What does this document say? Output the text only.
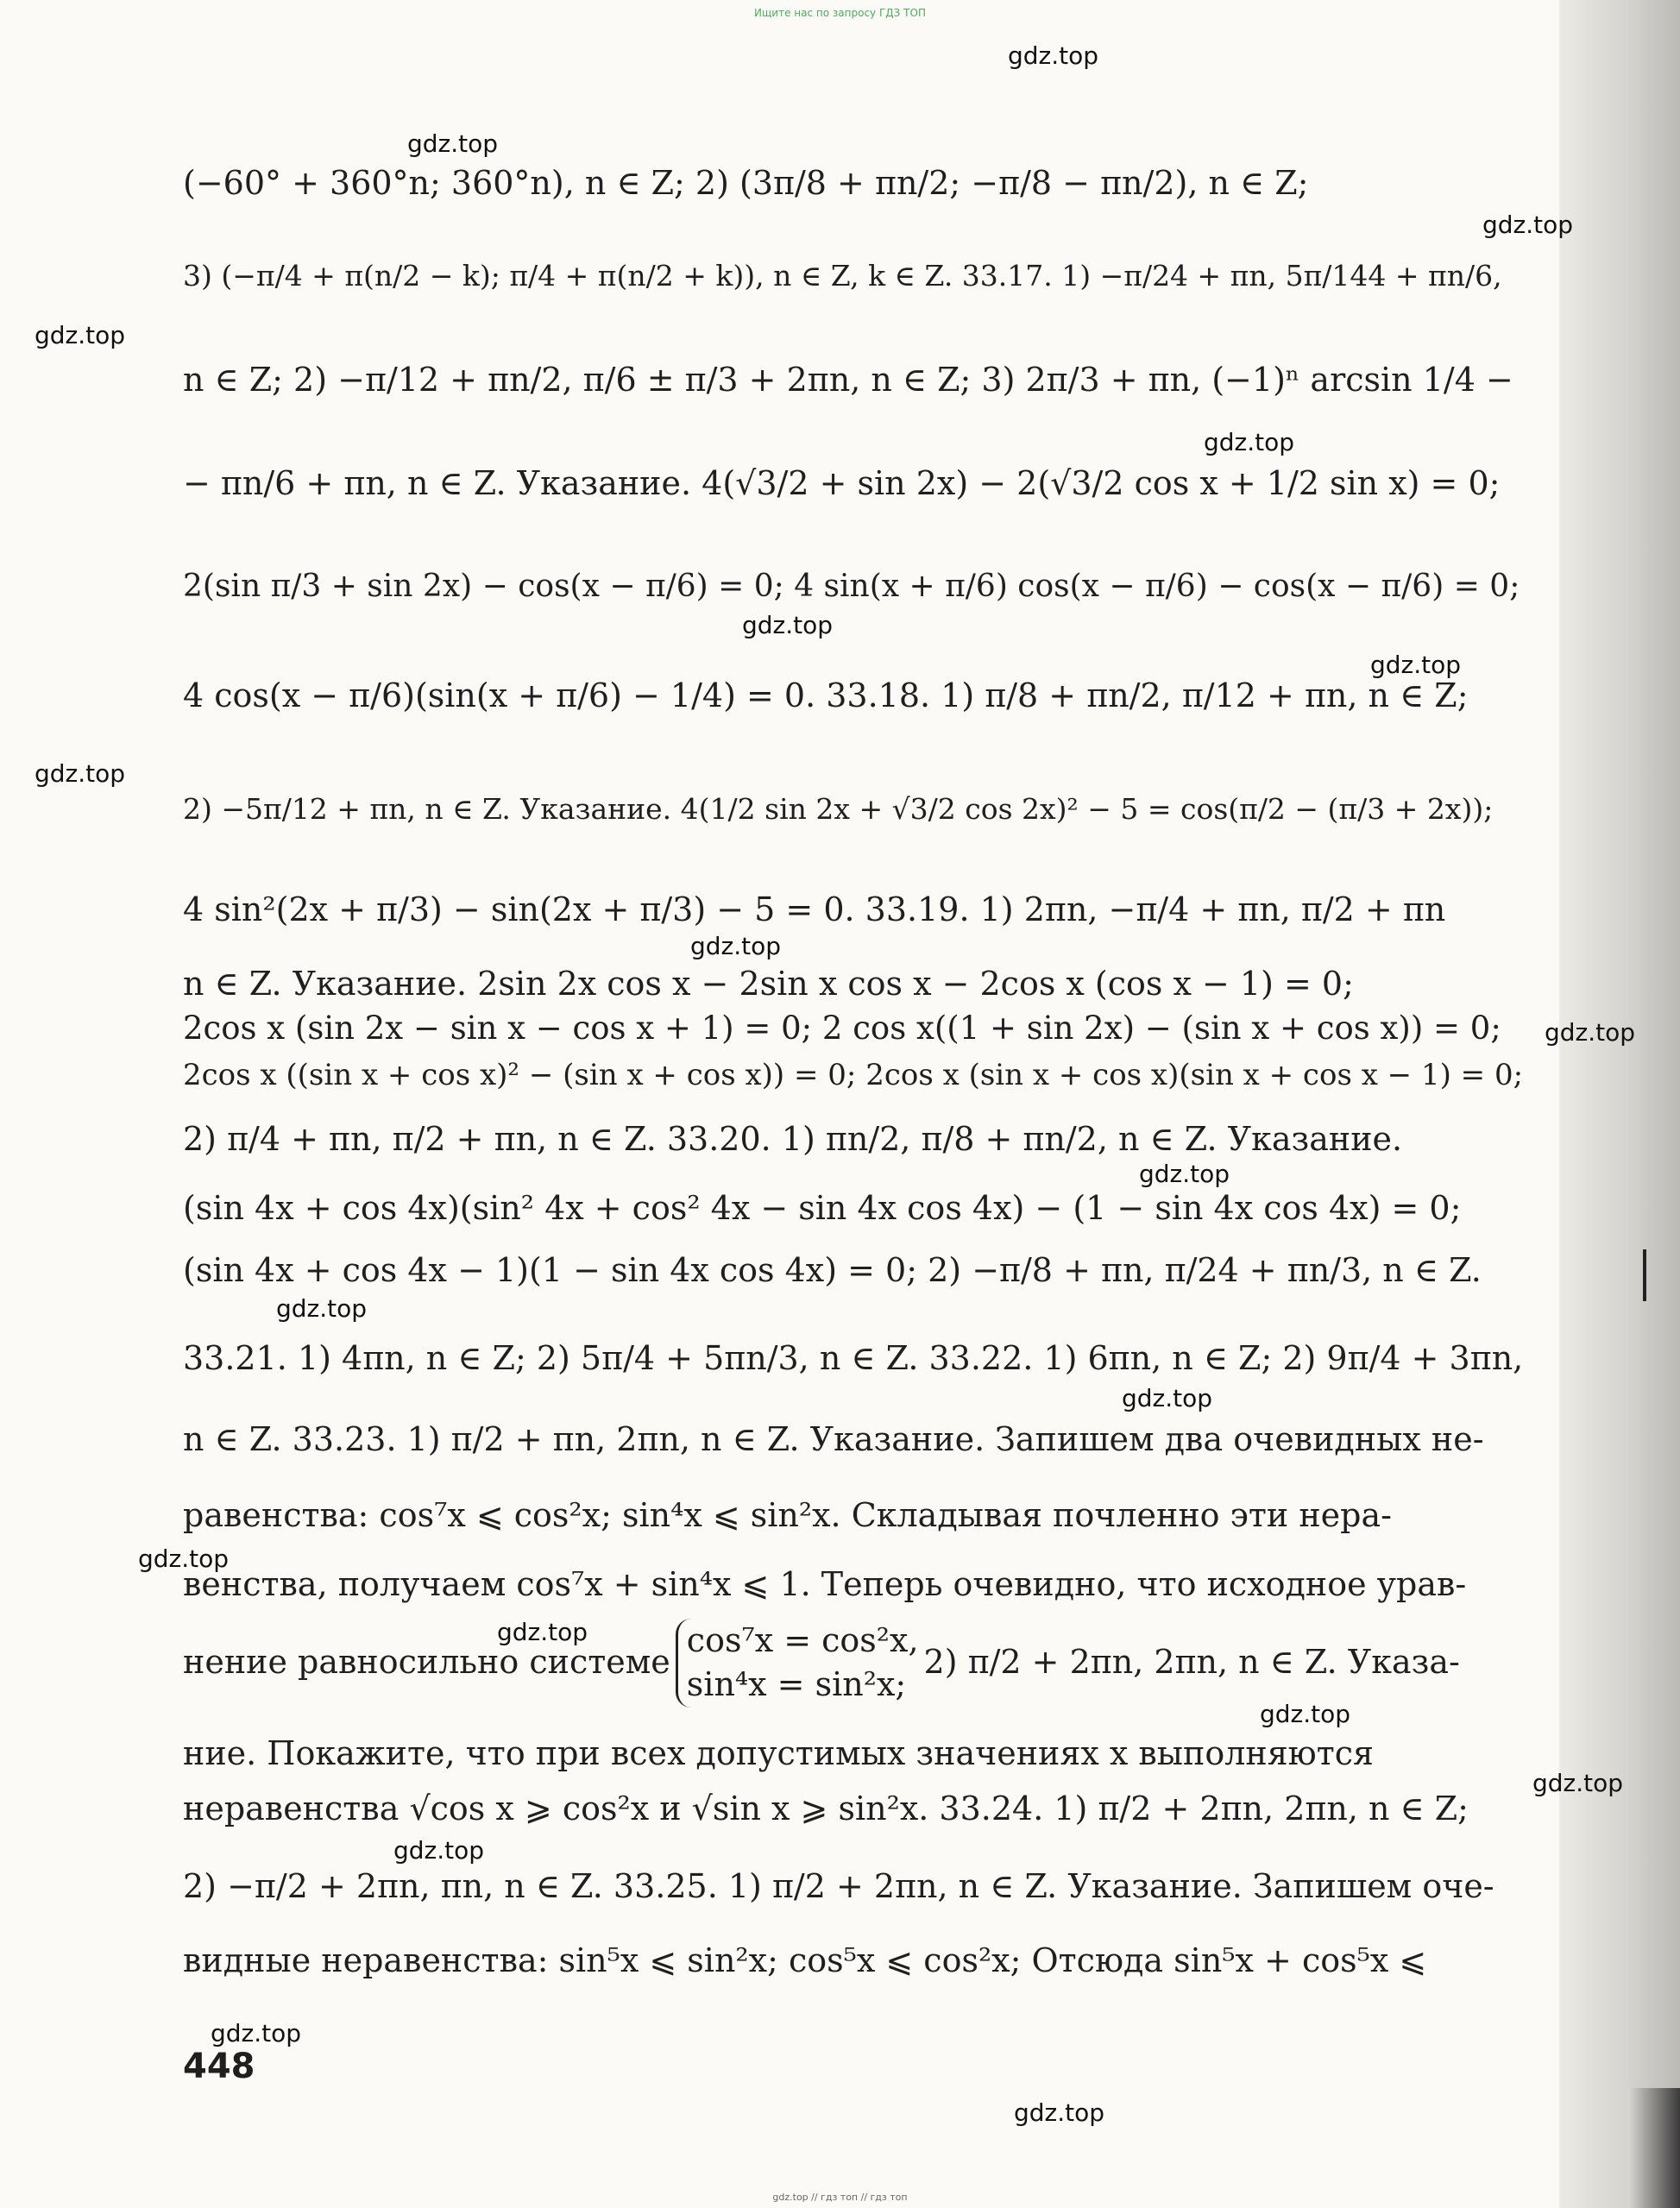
Ищите нас по запросу ГДЗ ТОП
gdz.top
gdz.top
gdz.top
gdz.top
gdz.top
gdz.top
gdz.top
gdz.top
gdz.top
gdz.top
gdz.top
gdz.top
gdz.top
gdz.top
gdz.top
gdz.top
gdz.top
gdz.top
gdz.top
gdz.top
(−60° + 360°n; 360°n), n ∈ Z; 2) (3π/8 + πn/2; −π/8 − πn/2), n ∈ Z;
3) (−π/4 + π(n/2 − k); π/4 + π(n/2 + k)), n ∈ Z, k ∈ Z. 33.17. 1) −π/24 + πn, 5π/144 + πn/6,
n ∈ Z; 2) −π/12 + πn/2, π/6 ± π/3 + 2πn, n ∈ Z; 3) 2π/3 + πn, (−1)ⁿ arcsin 1/4 −
− πn/6 + πn, n ∈ Z. Указание. 4(√3/2 + sin 2x) − 2(√3/2 cos x + 1/2 sin x) = 0;
2(sin π/3 + sin 2x) − cos(x − π/6) = 0; 4 sin(x + π/6) cos(x − π/6) − cos(x − π/6) = 0;
4 cos(x − π/6)(sin(x + π/6) − 1/4) = 0. 33.18. 1) π/8 + πn/2, π/12 + πn, n ∈ Z;
2) −5π/12 + πn, n ∈ Z. Указание. 4(1/2 sin 2x + √3/2 cos 2x)² − 5 = cos(π/2 − (π/3 + 2x));
4 sin²(2x + π/3) − sin(2x + π/3) − 5 = 0. 33.19. 1) 2πn, −π/4 + πn, π/2 + πn
n ∈ Z. Указание. 2sin 2x cos x − 2sin x cos x − 2cos x (cos x − 1) = 0;
2cos x (sin 2x − sin x − cos x + 1) = 0; 2 cos x((1 + sin 2x) − (sin x + cos x)) = 0;
2cos x ((sin x + cos x)² − (sin x + cos x)) = 0; 2cos x (sin x + cos x)(sin x + cos x − 1) = 0;
2) π/4 + πn, π/2 + πn, n ∈ Z. 33.20. 1) πn/2, π/8 + πn/2, n ∈ Z. Указание.
(sin 4x + cos 4x)(sin² 4x + cos² 4x − sin 4x cos 4x) − (1 − sin 4x cos 4x) = 0;
(sin 4x + cos 4x − 1)(1 − sin 4x cos 4x) = 0; 2) −π/8 + πn, π/24 + πn/3, n ∈ Z.
33.21. 1) 4πn, n ∈ Z; 2) 5π/4 + 5πn/3, n ∈ Z. 33.22. 1) 6πn, n ∈ Z; 2) 9π/4 + 3πn,
n ∈ Z. 33.23. 1) π/2 + πn, 2πn, n ∈ Z. Указание. Запишем два очевидных не-
равенства: cos⁷x ⩽ cos²x; sin⁴x ⩽ sin²x. Складывая почленно эти нера-
венства, получаем cos⁷x + sin⁴x ⩽ 1. Теперь очевидно, что исходное урав-
нение равносильно системе
cos⁷x = cos²x,
sin⁴x = sin²x;
2) π/2 + 2πn, 2πn, n ∈ Z. Указа-
ние. Покажите, что при всех допустимых значениях x выполняются
неравенства √cos x ⩾ cos²x и √sin x ⩾ sin²x. 33.24. 1) π/2 + 2πn, 2πn, n ∈ Z;
2) −π/2 + 2πn, πn, n ∈ Z. 33.25. 1) π/2 + 2πn, n ∈ Z. Указание. Запишем оче-
видные неравенства: sin⁵x ⩽ sin²x; cos⁵x ⩽ cos²x; Отсюда sin⁵x + cos⁵x ⩽
448
gdz.top // гдз топ // гдз топ
